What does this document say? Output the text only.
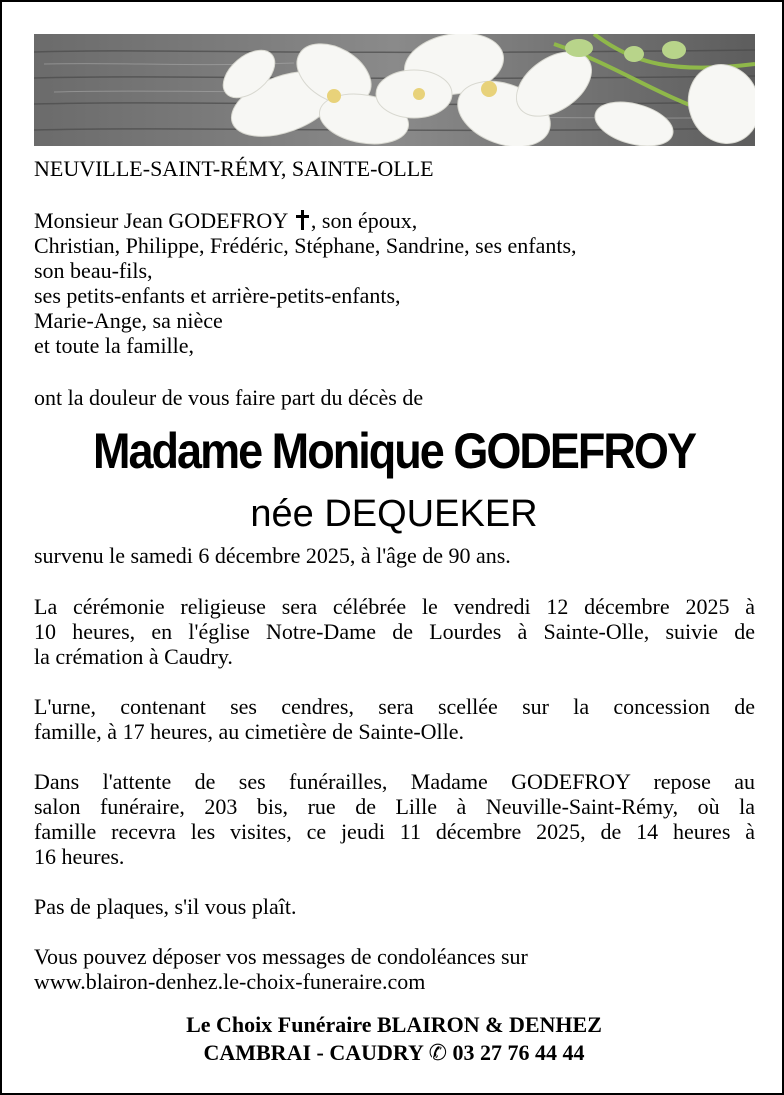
NEUVILLE-SAINT-RÉMY, SAINTE-OLLE
Monsieur Jean GODEFROY , son époux,
Christian, Philippe, Frédéric, Stéphane, Sandrine, ses enfants,
son beau-fils,
ses petits-enfants et arrière-petits-enfants,
Marie-Ange, sa nièce
et toute la famille,
ont la douleur de vous faire part du décès de
Madame Monique GODEFROY
née DEQUEKER
survenu le samedi 6 décembre 2025, à l'âge de 90 ans.
La cérémonie religieuse sera célébrée le vendredi 12 décembre 2025 à
10 heures, en l'église Notre-Dame de Lourdes à Sainte-Olle, suivie de
la crémation à Caudry.
L'urne, contenant ses cendres, sera scellée sur la concession de
famille, à 17 heures, au cimetière de Sainte-Olle.
Dans l'attente de ses funérailles, Madame GODEFROY repose au
salon funéraire, 203 bis, rue de Lille à Neuville-Saint-Rémy, où la
famille recevra les visites, ce jeudi 11 décembre 2025, de 14 heures à
16 heures.
Pas de plaques, s'il vous plaît.
Vous pouvez déposer vos messages de condoléances sur
www.blairon-denhez.le-choix-funeraire.com
Le Choix Funéraire BLAIRON & DENHEZ
CAMBRAI - CAUDRY ✆ 03 27 76 44 44
